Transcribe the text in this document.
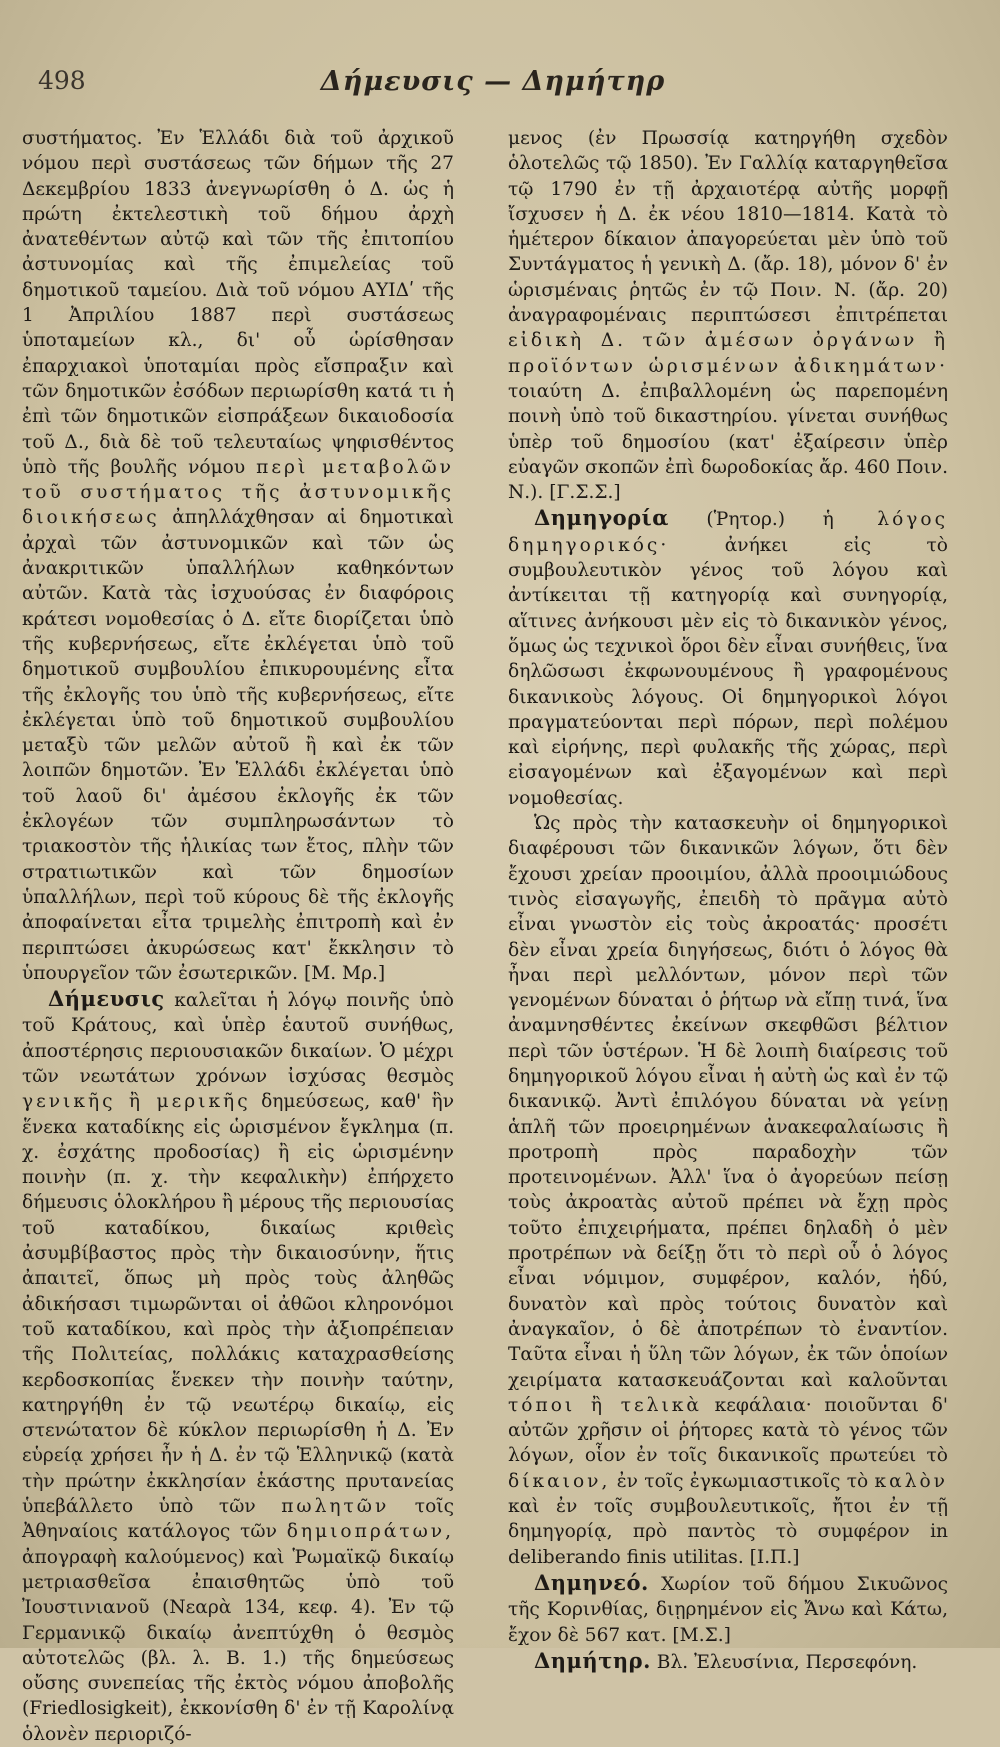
498	Δήμευσις — Δημήτηρ

συστήματος. Ἐν Ἑλλάδι διὰ τοῦ ἀρχικοῦ νόμου περὶ συστάσεως τῶν δήμων τῆς 27 Δεκεμβρίου 1833 ἀνεγνωρίσθη ὁ Δ. ὡς ἡ πρώτη ἐκτελεστικὴ τοῦ δήμου ἀρχὴ ἀνατεθέντων αὐτῷ καὶ τῶν τῆς ἐπιτοπίου ἀστυνομίας καὶ τῆς ἐπιμελείας τοῦ δημοτικοῦ ταμείου. Διὰ τοῦ νόμου ΑΥΙΔʹ τῆς 1 Ἀπριλίου 1887 περὶ συστάσεως ὑποταμείων κλ., δι' οὗ ὡρίσθησαν ἐπαρχιακοὶ ὑποταμίαι πρὸς εἴσπραξιν καὶ τῶν δημοτικῶν ἐσόδων περιωρίσθη κατά τι ἡ ἐπὶ τῶν δημοτικῶν εἰσπράξεων δικαιοδοσία τοῦ Δ., διὰ δὲ τοῦ τελευταίως ψηφισθέντος ὑπὸ τῆς βουλῆς νόμου περὶ μεταβολῶν τοῦ συστήματος τῆς ἀστυνομικῆς διοικήσεως ἀπηλλάχθησαν αἱ δημοτικαὶ ἀρχαὶ τῶν ἀστυνομικῶν καὶ τῶν ὡς ἀνακριτικῶν ὑπαλλήλων καθηκόντων αὐτῶν. Κατὰ τὰς ἰσχυούσας ἐν διαφόροις κράτεσι νομοθεσίας ὁ Δ. εἴτε διορίζεται ὑπὸ τῆς κυβερνήσεως, εἴτε ἐκλέγεται ὑπὸ τοῦ δημοτικοῦ συμβουλίου ἐπικυρουμένης εἶτα τῆς ἐκλογῆς του ὑπὸ τῆς κυβερνήσεως, εἴτε ἐκλέγεται ὑπὸ τοῦ δημοτικοῦ συμβουλίου μεταξὺ τῶν μελῶν αὐτοῦ ἢ καὶ ἐκ τῶν λοιπῶν δημοτῶν. Ἐν Ἑλλάδι ἐκλέγεται ὑπὸ τοῦ λαοῦ δι' ἀμέσου ἐκλογῆς ἐκ τῶν ἐκλογέων τῶν συμπληρωσάντων τὸ τριακοστὸν τῆς ἡλικίας των ἔτος, πλὴν τῶν στρατιωτικῶν καὶ τῶν δημοσίων ὑπαλλήλων, περὶ τοῦ κύρους δὲ τῆς ἐκλογῆς ἀποφαίνεται εἶτα τριμελὴς ἐπιτροπὴ καὶ ἐν περιπτώσει ἀκυρώσεως κατ' ἔκκλησιν τὸ ὑπουργεῖον τῶν ἐσωτερικῶν. [Μ. Μρ.]

Δήμευσις καλεῖται ἡ λόγῳ ποινῆς ὑπὸ τοῦ Κράτους, καὶ ὑπὲρ ἑαυτοῦ συνήθως, ἀποστέρησις περιουσιακῶν δικαίων. Ὁ μέχρι τῶν νεωτάτων χρόνων ἰσχύσας θεσμὸς γενικῆς ἢ μερικῆς δημεύσεως, καθ' ἣν ἕνεκα καταδίκης εἰς ὡρισμένον ἔγκλημα (π. χ. ἐσχάτης προδοσίας) ἢ εἰς ὡρισμένην ποινὴν (π. χ. τὴν κεφαλικὴν) ἐπήρχετο δήμευσις ὁλοκλήρου ἢ μέρους τῆς περιουσίας τοῦ καταδίκου, δικαίως κριθεὶς ἀσυμβίβαστος πρὸς τὴν δικαιοσύνην, ἥτις ἀπαιτεῖ, ὅπως μὴ πρὸς τοὺς ἀληθῶς ἀδικήσασι τιμωρῶνται οἱ ἀθῶοι κληρονόμοι τοῦ καταδίκου, καὶ πρὸς τὴν ἀξιοπρέπειαν τῆς Πολιτείας, πολλάκις καταχρασθείσης κερδοσκοπίας ἕνεκεν τὴν ποινὴν ταύτην, κατηργήθη ἐν τῷ νεωτέρῳ δικαίῳ, εἰς στενώτατον δὲ κύκλον περιωρίσθη ἡ Δ. Ἐν εὑρείᾳ χρήσει ἦν ἡ Δ. ἐν τῷ Ἑλληνικῷ (κατὰ τὴν πρώτην ἐκκλησίαν ἑκάστης πρυτανείας ὑπεβάλλετο ὑπὸ τῶν πωλητῶν τοῖς Ἀθηναίοις κατάλογος τῶν δημιοπράτων, ἀπογραφὴ καλούμενος) καὶ Ῥωμαϊκῷ δικαίῳ μετριασθεῖσα ἐπαισθητῶς ὑπὸ τοῦ Ἰουστινιανοῦ (Νεαρὰ 134, κεφ. 4). Ἐν τῷ Γερμανικῷ δικαίῳ ἀνεπτύχθη ὁ θεσμὸς αὐτοτελῶς (βλ. λ. Β. 1.) τῆς δημεύσεως οὔσης συνεπείας τῆς ἐκτὸς νόμου ἀποβολῆς (Friedlosigkeit), ἐκκονίσθη δ' ἐν τῇ Καρολίνᾳ ὁλονὲν περιοριζό-

μενος (ἐν Πρωσσίᾳ κατηργήθη σχεδὸν ὁλοτελῶς τῷ 1850). Ἐν Γαλλίᾳ καταργηθεῖσα τῷ 1790 ἐν τῇ ἀρχαιοτέρᾳ αὐτῆς μορφῇ ἴσχυσεν ἡ Δ. ἐκ νέου 1810—1814. Κατὰ τὸ ἡμέτερον δίκαιον ἀπαγορεύεται μὲν ὑπὸ τοῦ Συντάγματος ἡ γενικὴ Δ. (ἄρ. 18), μόνον δ' ἐν ὡρισμέναις ῥητῶς ἐν τῷ Ποιν. Ν. (ἄρ. 20) ἀναγραφομέναις περιπτώσεσι ἐπιτρέπεται εἰδικὴ Δ. τῶν ἀμέσων ὀργάνων ἢ προϊόντων ὡρισμένων ἀδικημάτων· τοιαύτη Δ. ἐπιβαλλομένη ὡς παρεπομένη ποινὴ ὑπὸ τοῦ δικαστηρίου. γίνεται συνήθως ὑπὲρ τοῦ δημοσίου (κατ' ἐξαίρεσιν ὑπὲρ εὐαγῶν σκοπῶν ἐπὶ δωροδοκίας ἄρ. 460 Ποιν. Ν.). [Γ.Σ.Σ.]

Δημηγορία (Ῥητορ.) ἡ λόγος δημηγορικός·	ἀνήκει εἰς τὸ συμβουλευτικὸν γένος τοῦ λόγου καὶ ἀντίκειται τῇ κατηγορίᾳ καὶ συνηγορίᾳ, αἵτινες ἀνήκουσι μὲν εἰς τὸ δικανικὸν γένος, ὅμως ὡς τεχνικοὶ ὅροι δὲν εἶναι συνήθεις, ἵνα δηλῶσωσι ἐκφωνουμένους ἢ γραφομένους δικανικοὺς λόγους. Οἱ δημηγορικοὶ λόγοι πραγματεύονται περὶ πόρων, περὶ πολέμου καὶ εἰρήνης, περὶ φυλακῆς τῆς χώρας, περὶ εἰσαγομένων καὶ ἐξαγομένων καὶ περὶ νομοθεσίας.

Ὡς πρὸς τὴν κατασκευὴν οἱ δημηγορικοὶ διαφέρουσι τῶν δικανικῶν λόγων, ὅτι δὲν ἔχουσι χρείαν προοιμίου, ἀλλὰ προοιμιώδους τινὸς εἰσαγωγῆς, ἐπειδὴ τὸ πρᾶγμα αὐτὸ εἶναι γνωστὸν εἰς τοὺς ἀκροατάς· προσέτι δὲν εἶναι χρεία διηγήσεως, διότι ὁ λόγος θὰ ἦναι περὶ μελλόντων, μόνον περὶ τῶν γενομένων δύναται ὁ ῥήτωρ νὰ εἴπῃ τινά, ἵνα ἀναμνησθέντες ἐκείνων σκεφθῶσι βέλτιον περὶ τῶν ὑστέρων. Ἡ δὲ λοιπὴ διαίρεσις τοῦ δημηγορικοῦ λόγου εἶναι ἡ αὐτὴ ὡς καὶ ἐν τῷ δικανικῷ. Ἀντὶ ἐπιλόγου δύναται νὰ γείνῃ ἁπλῆ τῶν προειρημένων ἀνακεφαλαίωσις ἢ προτροπὴ πρὸς παραδοχὴν τῶν προτεινομένων. Ἀλλ' ἵνα ὁ ἀγορεύων πείσῃ τοὺς ἀκροατὰς αὐτοῦ πρέπει νὰ ἔχῃ πρὸς τοῦτο ἐπιχειρήματα, πρέπει δηλαδὴ ὁ μὲν προτρέπων νὰ δείξῃ ὅτι τὸ περὶ οὗ ὁ λόγος εἶναι νόμιμον, συμφέρον, καλόν, ἡδύ, δυνατὸν καὶ πρὸς τούτοις δυνατὸν καὶ ἀναγκαῖον, ὁ δὲ ἀποτρέπων τὸ ἐναντίον. Ταῦτα εἶναι ἡ ὕλη τῶν λόγων, ἐκ τῶν ὁποίων χειρίματα κατασκευάζονται καὶ καλοῦνται τόποι ἢ τελικὰ κεφάλαια· ποιοῦνται δ' αὐτῶν χρῆσιν οἱ ῥήτορες κατὰ τὸ γένος τῶν λόγων, οἷον ἐν τοῖς δικανικοῖς πρωτεύει τὸ δίκαιον, ἐν τοῖς ἐγκωμιαστικοῖς τὸ καλὸν καὶ ἐν τοῖς συμβουλευτικοῖς, ἤτοι ἐν τῇ δημηγορίᾳ, πρὸ παντὸς τὸ συμφέρον in deliberando finis utilitas. [Ι.Π.]

Δημηνεό. Χωρίον τοῦ δήμου Σικυῶνος τῆς Κορινθίας, διῃρημένον εἰς Ἄνω καὶ Κάτω, ἔχον δὲ 567 κατ. [Μ.Σ.]

Δημήτηρ. Βλ. Ἐλευσίνια, Περσεφόνη.
